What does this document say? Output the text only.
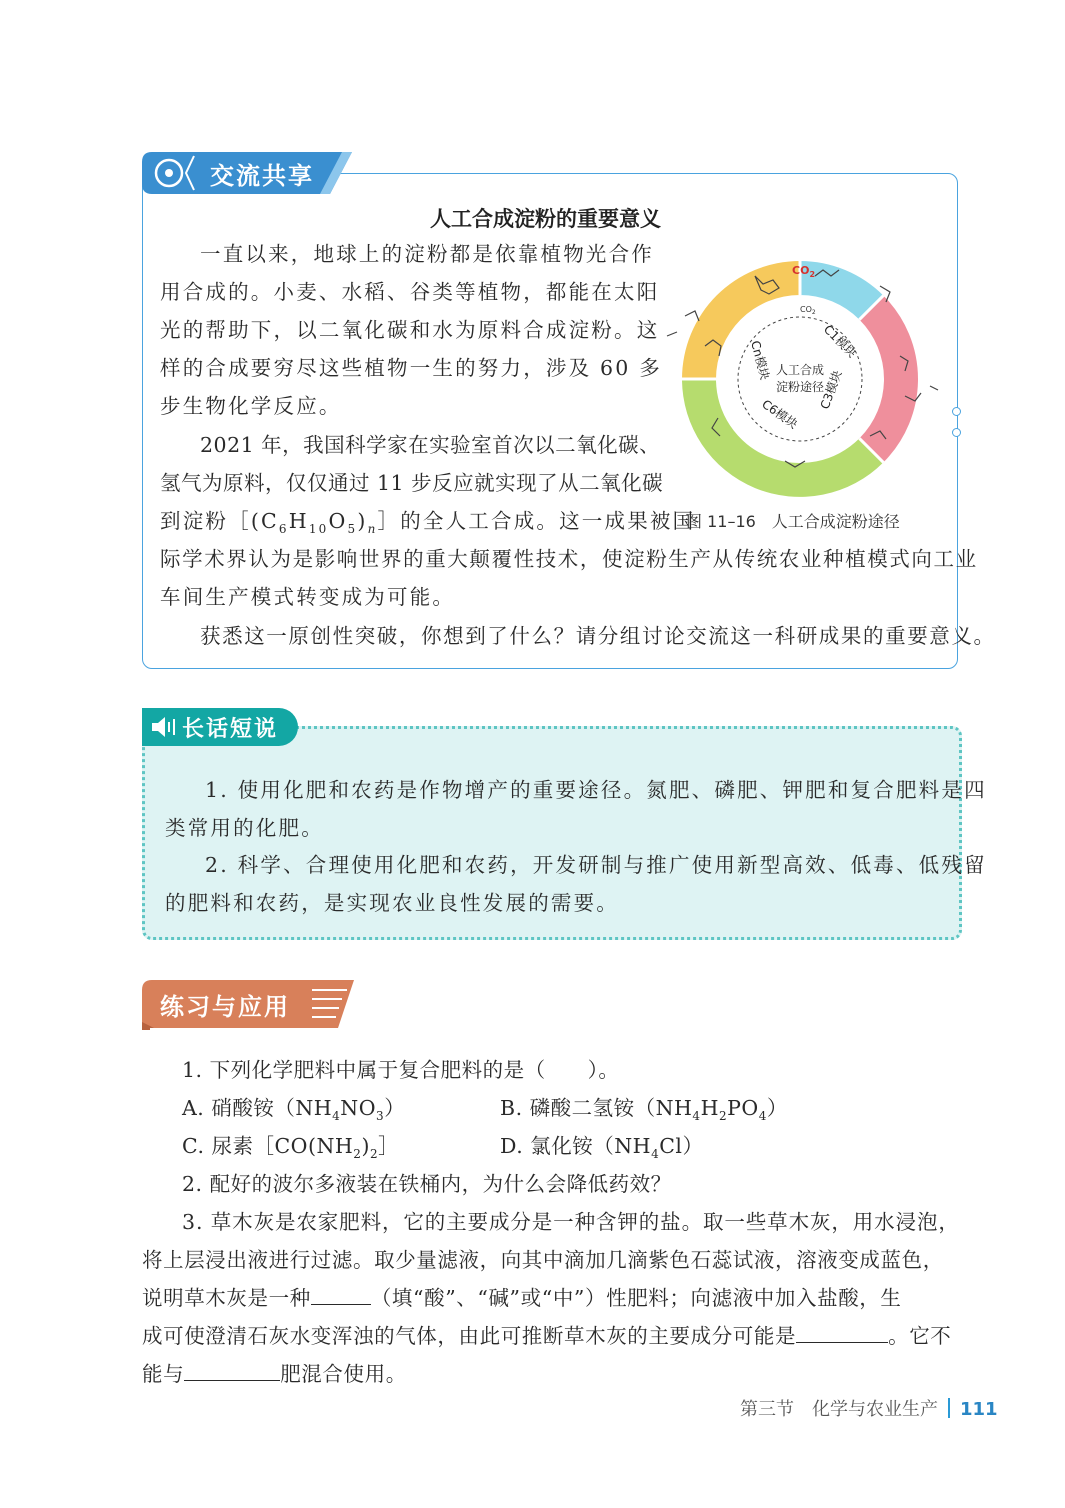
交流共享
人工合成淀粉的重要意义
一直以来，地球上的淀粉都是依靠植物光合作
用合成的。小麦、水稻、谷类等植物，都能在太阳
光的帮助下，以二氧化碳和水为原料合成淀粉。这
样的合成要穷尽这些植物一生的努力，涉及 60 多
步生物化学反应。
2021 年，我国科学家在实验室首次以二氧化碳、
氢气为原料，仅仅通过 11 步反应就实现了从二氧化碳
到淀粉$[(C_6H_{10}O_5)_n]$的全人工合成。这一成果被国
际学术界认为是影响世界的重大颠覆性技术，使淀粉生产从传统农业种植模式向工业
车间生产模式转变成为可能。
获悉这一原创性突破，你想到了什么？请分组讨论交流这一科研成果的重要意义。
$CO_2$
$CO_2$
人工合成
淀粉途径
C1模块
C3模块
C6模块
Cn模块
图 11–16　人工合成淀粉途径
长话短说
1. 使用化肥和农药是作物增产的重要途径。氮肥、磷肥、钾肥和复合肥料是四
类常用的化肥。
2. 科学、合理使用化肥和农药，开发研制与推广使用新型高效、低毒、低残留
的肥料和农药，是实现农业良性发展的需要。
练习与应用
1. 下列化学肥料中属于复合肥料的是（　　）。
A. 硝酸铵$(NH_4NO_3)$	B. 磷酸二氢铵$(NH_4H_2PO_4)$
C. 尿素$[CO(NH_2)_2]$	D. 氯化铵$(NH_4Cl)$
2. 配好的波尔多液装在铁桶内，为什么会降低药效？
3. 草木灰是农家肥料，它的主要成分是一种含钾的盐。取一些草木灰，用水浸泡，
将上层浸出液进行过滤。取少量滤液，向其中滴加几滴紫色石蕊试液，溶液变成蓝色，
说明草木灰是一种	（填“酸”、“碱”或“中”）性肥料；向滤液中加入盐酸，生
成可使澄清石灰水变浑浊的气体，由此可推断草木灰的主要成分可能是	。它不
能与	肥混合使用。
第三节　化学与农业生产 111
